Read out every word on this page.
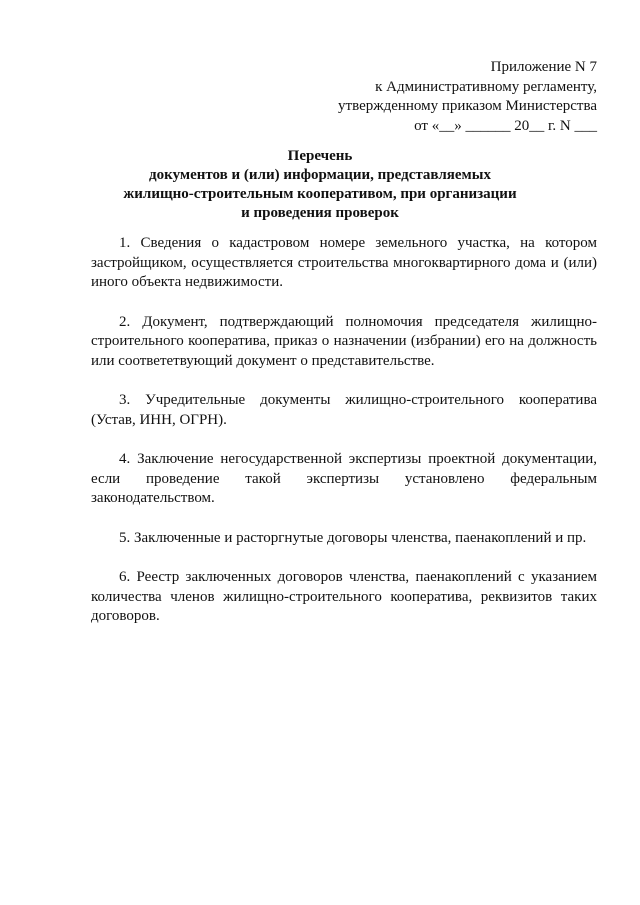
Приложение N 7
к Административному регламенту,
утвержденному приказом Министерства
от «__» ______ 20__ г. N ___
Перечень
документов и (или) информации, представляемых
жилищно-строительным кооперативом, при организации
и проведения проверок

1. Сведения о кадастровом номере земельного участка, на котором застройщиком, осуществляется строительства многоквартирного дома и (или) иного объекта недвижимости.

2. Документ, подтверждающий полномочия председателя жилищно-строительного кооператива, приказ о назначении (избрании) его на должность или соответетвующий документ о представительстве.

3. Учредительные документы жилищно-строительного кооператива (Устав, ИНН, ОГРН).

4. Заключение негосударственной экспертизы проектной документации, если проведение такой экспертизы установлено федеральным законодательством.

5. Заключенные и расторгнутые договоры членства, паенакоплений и пр.

6. Реестр заключенных договоров членства, паенакоплений с указанием количества членов жилищно-строительного кооператива, реквизитов таких договоров.
